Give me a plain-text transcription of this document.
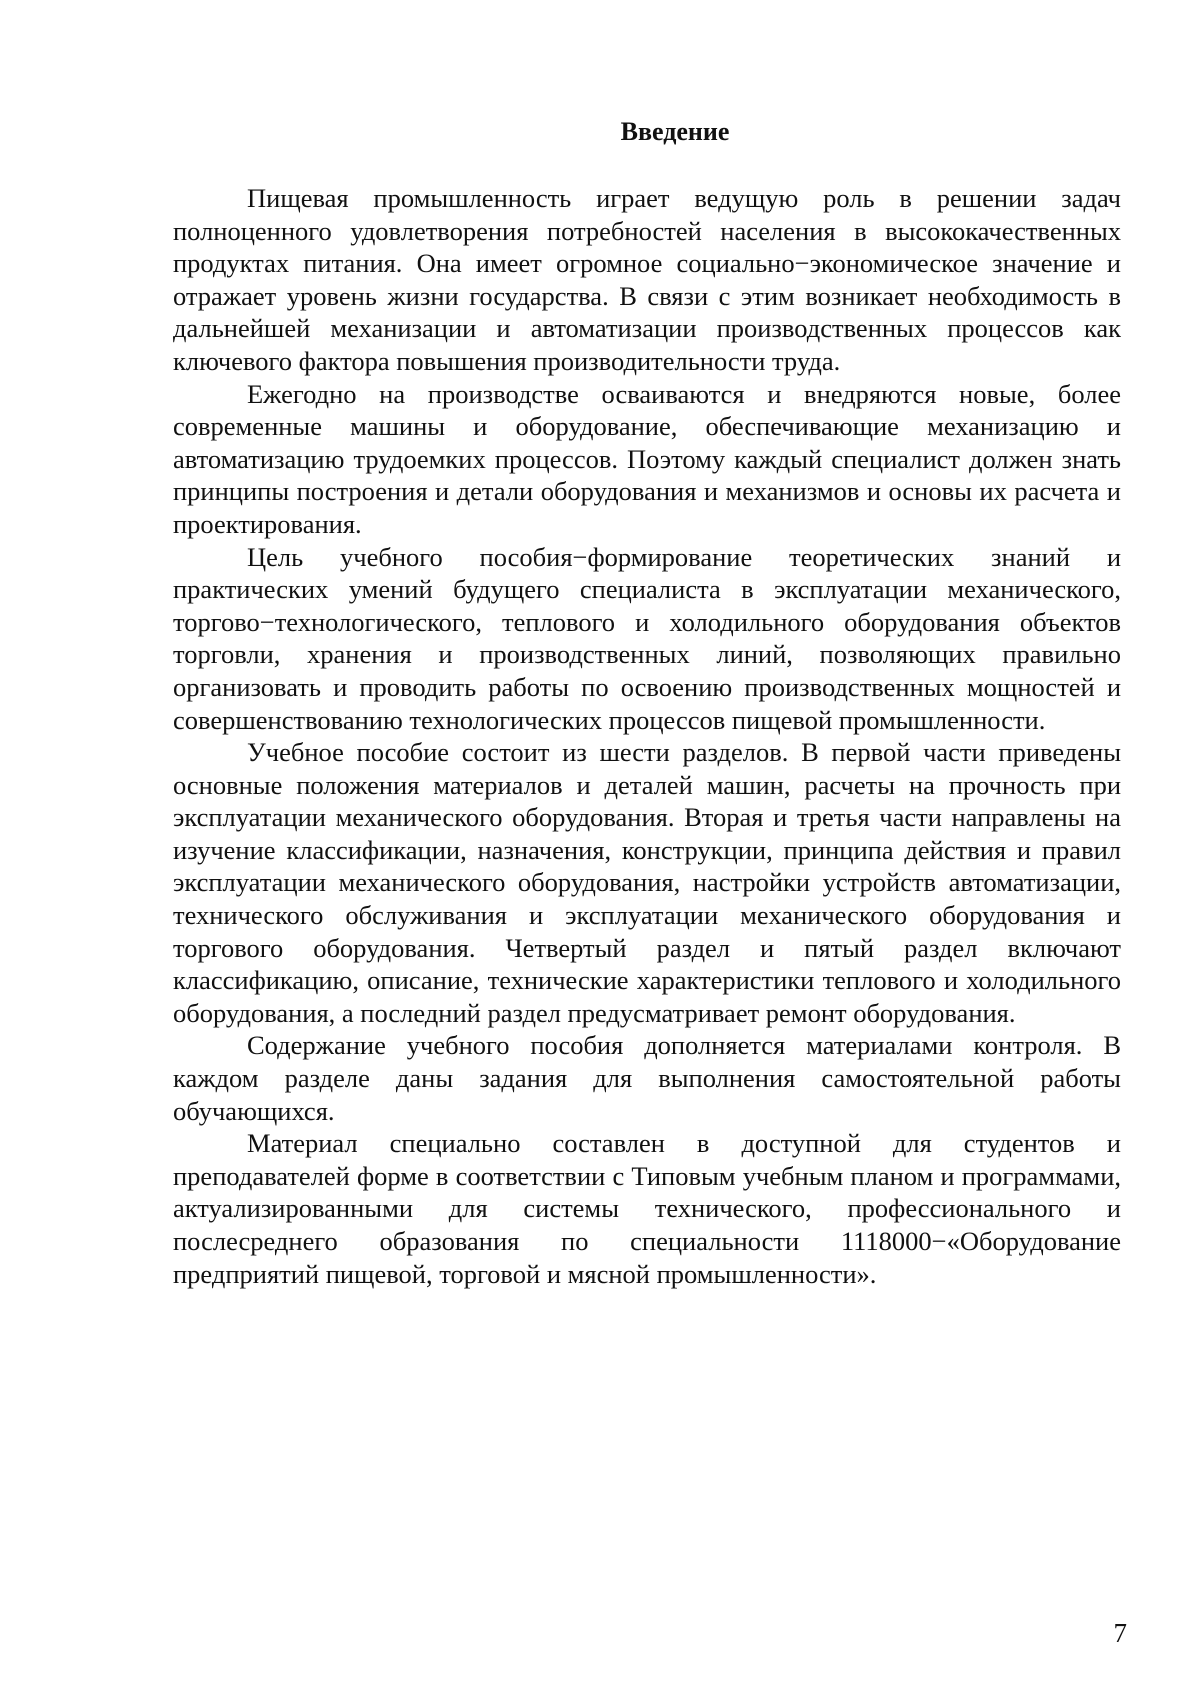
Введение

Пищевая промышленность играет ведущую роль в решении задач полноценного удовлетворения потребностей населения в высококачественных продуктах питания. Она имеет огромное социально−экономическое значение и отражает уровень жизни государства. В связи с этим возникает необходимость в дальнейшей механизации и автоматизации производственных процессов как ключевого фактора повышения производительности труда.

Ежегодно на производстве осваиваются и внедряются новые, более современные машины и оборудование, обеспечивающие механизацию и автоматизацию трудоемких процессов. Поэтому каждый специалист должен знать принципы построения и детали оборудования и механизмов и основы их расчета и проектирования.

Цель учебного пособия−формирование теоретических знаний и практических умений будущего специалиста в эксплуатации механического, торгово−технологического, теплового и холодильного оборудования объектов торговли, хранения и производственных линий, позволяющих правильно организовать и проводить работы по освоению производственных мощностей и совершенствованию технологических процессов пищевой промышленности.

Учебное пособие состоит из шести разделов. В первой части приведены основные положения материалов и деталей машин, расчеты на прочность при эксплуатации механического оборудования. Вторая и третья части направлены на изучение классификации, назначения, конструкции, принципа действия и правил эксплуатации механического оборудования, настройки устройств автоматизации, технического обслуживания и эксплуатации механического оборудования и торгового оборудования. Четвертый раздел и пятый раздел включают классификацию, описание, технические характеристики теплового и холодильного оборудования, а последний раздел предусматривает ремонт оборудования.

Содержание учебного пособия дополняется материалами контроля. В каждом разделе даны задания для выполнения самостоятельной работы обучающихся.

Материал специально составлен в доступной для студентов и преподавателей форме в соответствии с Типовым учебным планом и программами, актуализированными для системы технического, профессионального и послесреднего образования по специальности 1118000−«Оборудование предприятий пищевой, торговой и мясной промышленности».

7
